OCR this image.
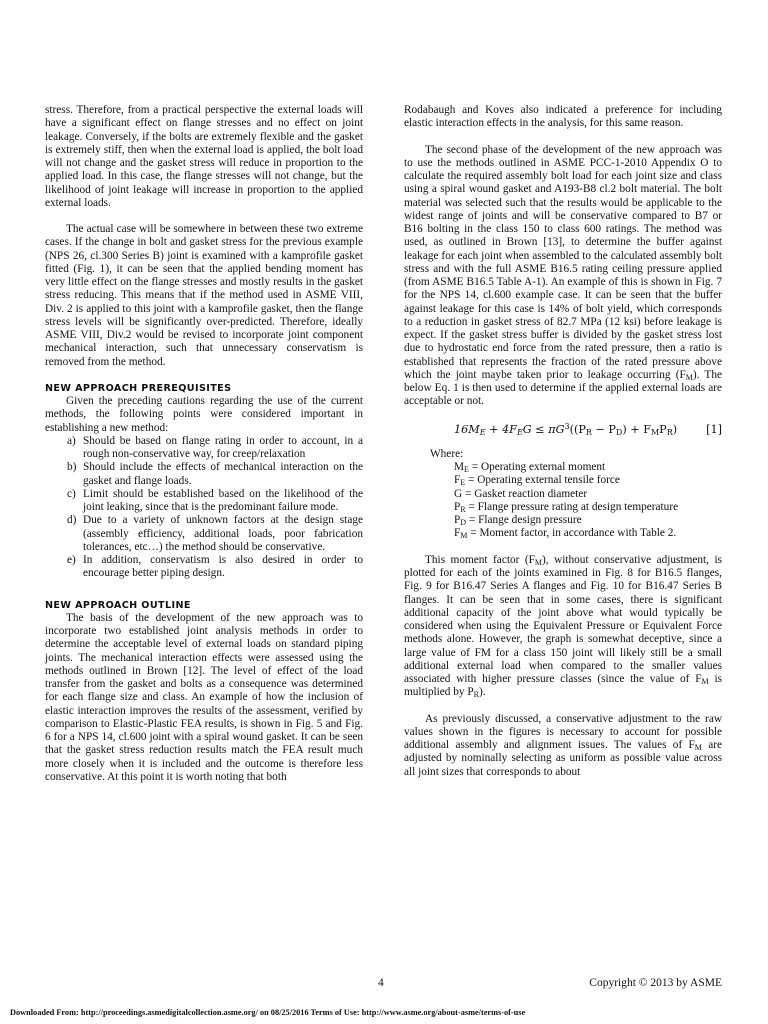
stress. Therefore, from a practical perspective the external loads will have a significant effect on flange stresses and no effect on joint leakage. Conversely, if the bolts are extremely flexible and the gasket is extremely stiff, then when the external load is applied, the bolt load will not change and the gasket stress will reduce in proportion to the applied load. In this case, the flange stresses will not change, but the likelihood of joint leakage will increase in proportion to the applied external loads.

The actual case will be somewhere in between these two extreme cases. If the change in bolt and gasket stress for the previous example (NPS 26, cl.300 Series B) joint is examined with a kamprofile gasket fitted (Fig. 1), it can be seen that the applied bending moment has very little effect on the flange stresses and mostly results in the gasket stress reducing. This means that if the method used in ASME VIII, Div. 2 is applied to this joint with a kamprofile gasket, then the flange stress levels will be significantly over-predicted. Therefore, ideally ASME VIII, Div.2 would be revised to incorporate joint component mechanical interaction, such that unnecessary conservatism is removed from the method.

NEW APPROACH PREREQUISITES

Given the preceding cautions regarding the use of the current methods, the following points were considered important in establishing a new method:

a) Should be based on flange rating in order to account, in a rough non-conservative way, for creep/relaxation
b) Should include the effects of mechanical interaction on the gasket and flange loads.
c) Limit should be established based on the likelihood of the joint leaking, since that is the predominant failure mode.
d) Due to a variety of unknown factors at the design stage (assembly efficiency, additional loads, poor fabrication tolerances, etc…) the method should be conservative.
e) In addition, conservatism is also desired in order to encourage better piping design.
NEW APPROACH OUTLINE

The basis of the development of the new approach was to incorporate two established joint analysis methods in order to determine the acceptable level of external loads on standard piping joints. The mechanical interaction effects were assessed using the methods outlined in Brown [12]. The level of effect of the load transfer from the gasket and bolts as a consequence was determined for each flange size and class. An example of how the inclusion of elastic interaction improves the results of the assessment, verified by comparison to Elastic-Plastic FEA results, is shown in Fig. 5 and Fig. 6 for a NPS 14, cl.600 joint with a spiral wound gasket. It can be seen that the gasket stress reduction results match the FEA result much more closely when it is included and the outcome is therefore less conservative. At this point it is worth noting that both

Rodabaugh and Koves also indicated a preference for including elastic interaction effects in the analysis, for this same reason.

The second phase of the development of the new approach was to use the methods outlined in ASME PCC-1-2010 Appendix O to calculate the required assembly bolt load for each joint size and class using a spiral wound gasket and A193-B8 cl.2 bolt material. The bolt material was selected such that the results would be applicable to the widest range of joints and will be conservative compared to B7 or B16 bolting in the class 150 to class 600 ratings. The method was used, as outlined in Brown [13], to determine the buffer against leakage for each joint when assembled to the calculated assembly bolt stress and with the full ASME B16.5 rating ceiling pressure applied (from ASME B16.5 Table A-1). An example of this is shown in Fig. 7 for the NPS 14, cl.600 example case. It can be seen that the buffer against leakage for this case is 14% of bolt yield, which corresponds to a reduction in gasket stress of 82.7 MPa (12 ksi) before leakage is expect. If the gasket stress buffer is divided by the gasket stress lost due to hydrostatic end force from the rated pressure, then a ratio is established that represents the fraction of the rated pressure above which the joint maybe taken prior to leakage occurring $(F_M)$. The below Eq. 1 is then used to determine if the applied external loads are acceptable or not.

$16M_E + 4F_EG \le \pi G^3((P_R - P_D) + F_MP_R)$	[1]
Where:
$M_E$ = Operating external moment
$F_E$ = Operating external tensile force
G = Gasket reaction diameter
$P_R$ = Flange pressure rating at design temperature
$P_D$ = Flange design pressure
$F_M$ = Moment factor, in accordance with Table 2.

This moment factor $(F_M)$, without conservative adjustment, is plotted for each of the joints examined in Fig. 8 for B16.5 flanges, Fig. 9 for B16.47 Series A flanges and Fig. 10 for B16.47 Series B flanges. It can be seen that in some cases, there is significant additional capacity of the joint above what would typically be considered when using the Equivalent Pressure or Equivalent Force methods alone. However, the graph is somewhat deceptive, since a large value of FM for a class 150 joint will likely still be a small additional external load when compared to the smaller values associated with higher pressure classes (since the value of $F_M$ is multiplied by $P_R$).

As previously discussed, a conservative adjustment to the raw values shown in the figures is necessary to account for possible additional assembly and alignment issues. The values of $F_M$ are adjusted by nominally selecting as uniform as possible value across all joint sizes that corresponds to about

4	Copyright © 2013 by ASME
Downloaded From: http://proceedings.asmedigitalcollection.asme.org/ on 08/25/2016 Terms of Use: http://www.asme.org/about-asme/terms-of-use
